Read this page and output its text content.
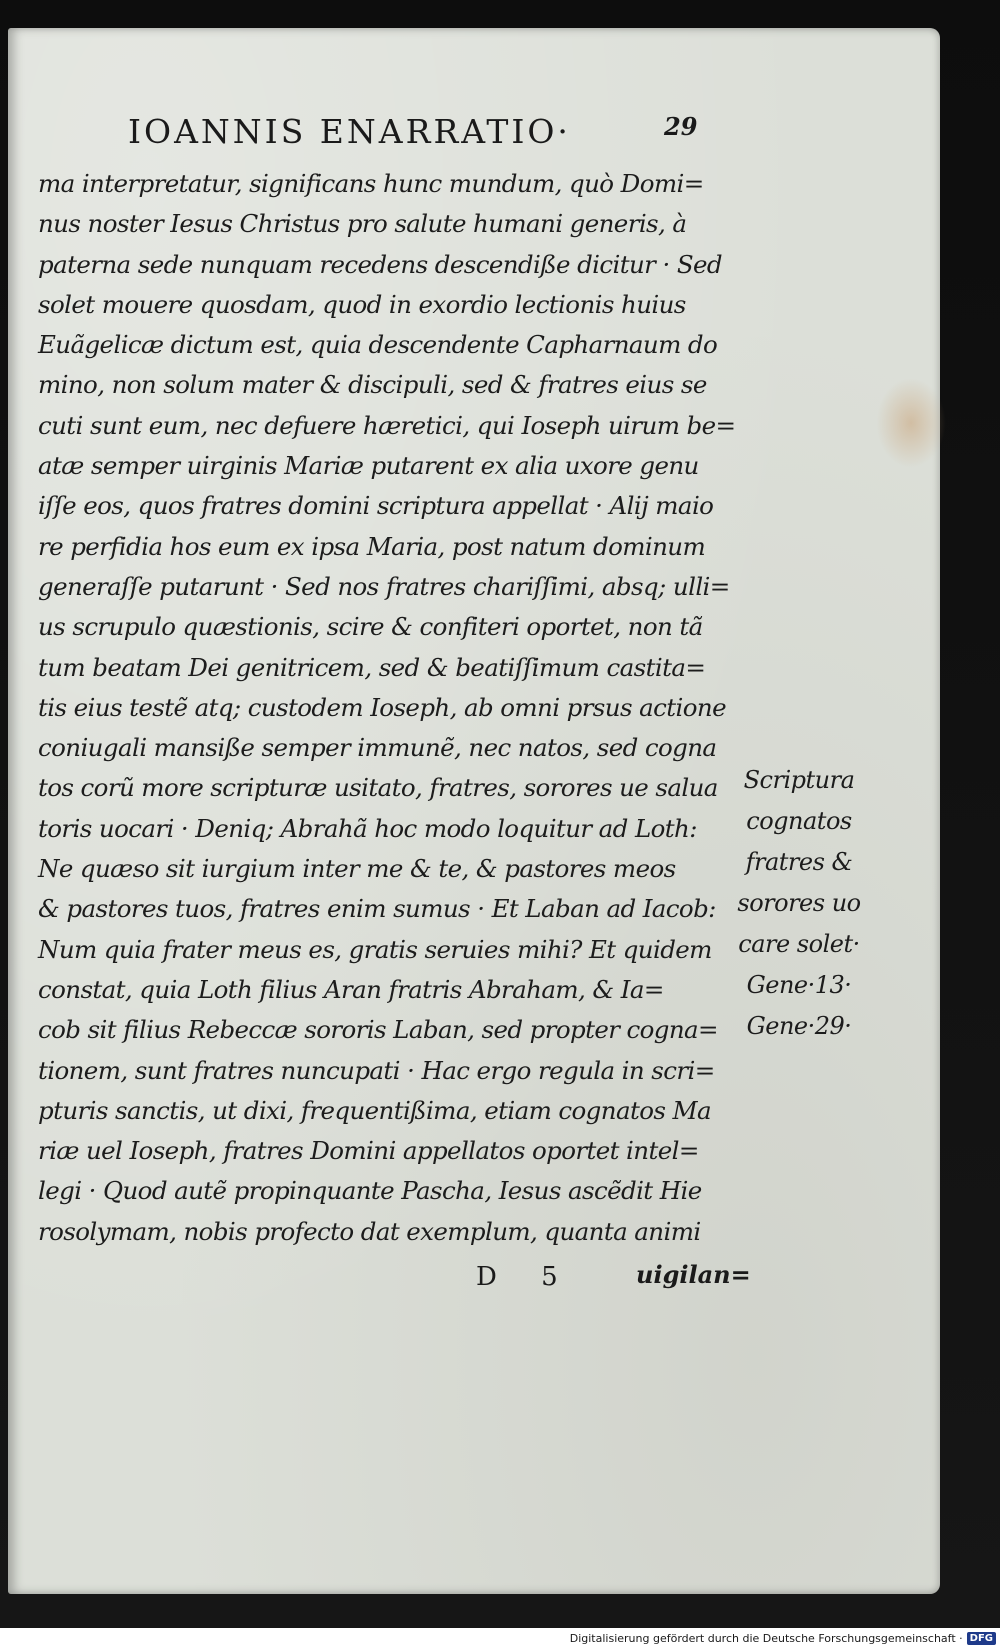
IOANNIS ENARRATIO·	29
ma interpretatur, significans hunc mundum, quò Domi=
nus noster Iesus Christus pro salute humani generis, à
paterna sede nunquam recedens descendiße dicitur · Sed
solet mouere quosdam, quod in exordio lectionis huius
Euãgelicæ dictum est, quia descendente Capharnaum do
mino, non solum mater & discipuli, sed & fratres eius se
cuti sunt eum, nec defuere hæretici, qui Ioseph uirum be=
atæ semper uirginis Mariæ putarent ex alia uxore genu
iſſe eos, quos fratres domini scriptura appellat · Alij maio
re perfidia hos eum ex ipsa Maria, post natum dominum
generaſſe putarunt · Sed nos fratres chariſſimi, absq; ulli=
us scrupulo quæstionis, scire & confiteri oportet, non tã
tum beatam Dei genitricem, sed & beatiſſimum castita=
tis eius testẽ atq; custodem Ioseph, ab omni prsus actione
coniugali mansiße semper immunẽ, nec natos, sed cogna
tos corũ more scripturæ usitato, fratres, sorores ue salua
toris uocari · Deniq; Abrahã hoc modo loquitur ad Loth:
Ne quæso sit iurgium inter me & te, & pastores meos
& pastores tuos, fratres enim sumus · Et Laban ad Iacob:
Num quia frater meus es, gratis seruies mihi? Et quidem
constat, quia Loth filius Aran fratris Abraham, & Ia=
cob sit filius Rebeccæ sororis Laban, sed propter cogna=
tionem, sunt fratres nuncupati · Hac ergo regula in scri=
pturis sanctis, ut dixi, frequentißima, etiam cognatos Ma
riæ uel Ioseph, fratres Domini appellatos oportet intel=
legi · Quod autẽ propinquante Pascha, Iesus ascẽdit Hie
rosolymam, nobis profecto dat exemplum, quanta animi
Scriptura
cognatos
fratres &
sorores uo
care solet·
Gene·13·
Gene·29·
D 5	uigilan=
Digitalisierung gefördert durch die Deutsche Forschungsgemeinschaft · DFG
